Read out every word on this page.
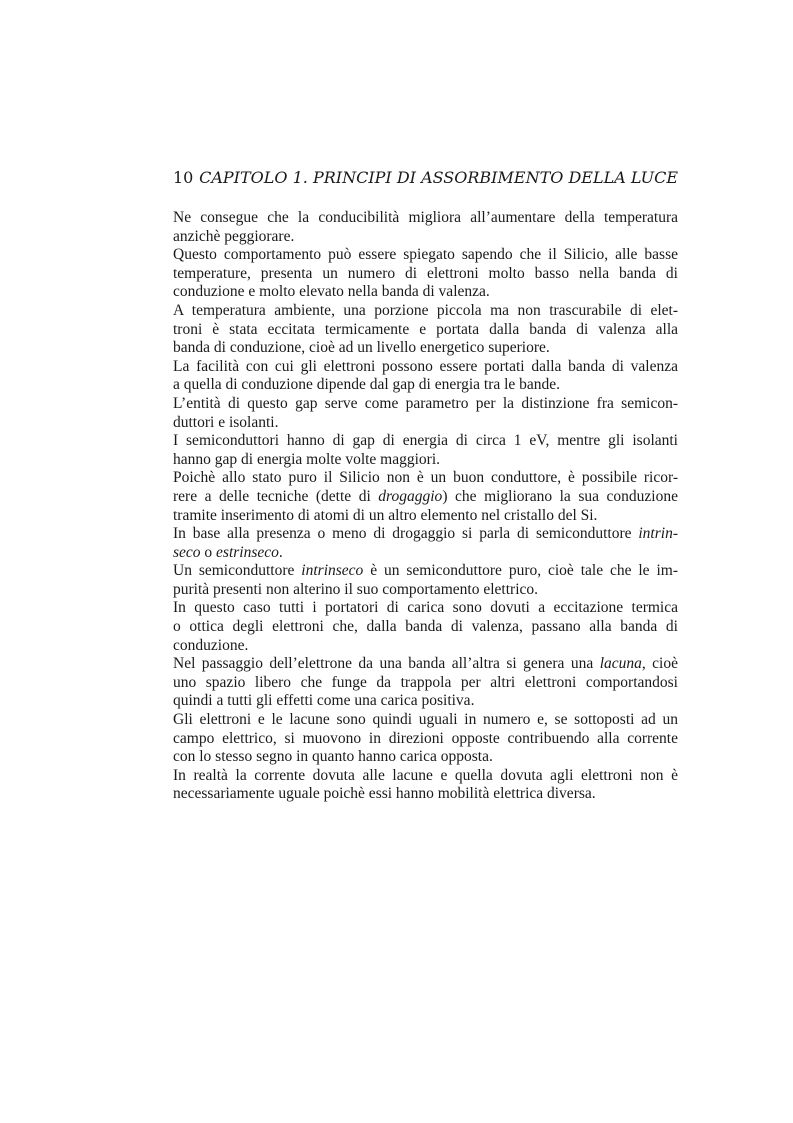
10 CAPITOLO 1. PRINCIPI DI ASSORBIMENTO DELLA LUCE
Ne consegue che la conducibilità migliora all’aumentare della temperatura
anzichè peggiorare.
Questo comportamento può essere spiegato sapendo che il Silicio, alle basse
temperature, presenta un numero di elettroni molto basso nella banda di
conduzione e molto elevato nella banda di valenza.
A temperatura ambiente, una porzione piccola ma non trascurabile di elet-
troni è stata eccitata termicamente e portata dalla banda di valenza alla
banda di conduzione, cioè ad un livello energetico superiore.
La facilità con cui gli elettroni possono essere portati dalla banda di valenza
a quella di conduzione dipende dal gap di energia tra le bande.
L’entità di questo gap serve come parametro per la distinzione fra semicon-
duttori e isolanti.
I semiconduttori hanno di gap di energia di circa 1 eV, mentre gli isolanti
hanno gap di energia molte volte maggiori.
Poichè allo stato puro il Silicio non è un buon conduttore, è possibile ricor-
rere a delle tecniche (dette di drogaggio) che migliorano la sua conduzione
tramite inserimento di atomi di un altro elemento nel cristallo del Si.
In base alla presenza o meno di drogaggio si parla di semiconduttore intrin-
seco o estrinseco.
Un semiconduttore intrinseco è un semiconduttore puro, cioè tale che le im-
purità presenti non alterino il suo comportamento elettrico.
In questo caso tutti i portatori di carica sono dovuti a eccitazione termica
o ottica degli elettroni che, dalla banda di valenza, passano alla banda di
conduzione.
Nel passaggio dell’elettrone da una banda all’altra si genera una lacuna, cioè
uno spazio libero che funge da trappola per altri elettroni comportandosi
quindi a tutti gli effetti come una carica positiva.
Gli elettroni e le lacune sono quindi uguali in numero e, se sottoposti ad un
campo elettrico, si muovono in direzioni opposte contribuendo alla corrente
con lo stesso segno in quanto hanno carica opposta.
In realtà la corrente dovuta alle lacune e quella dovuta agli elettroni non è
necessariamente uguale poichè essi hanno mobilità elettrica diversa.
